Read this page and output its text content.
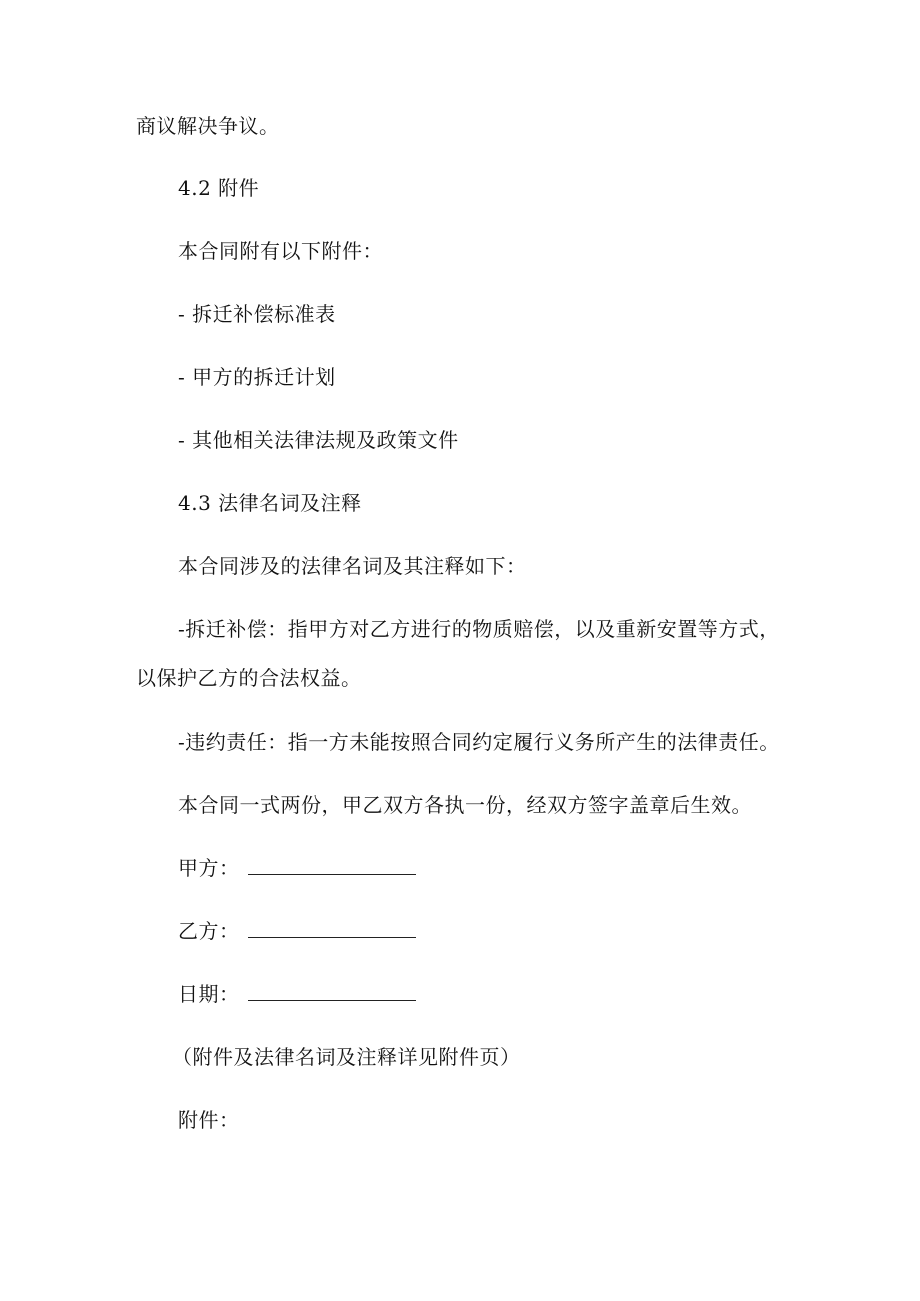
商议解决争议。
4.2 附件
本合同附有以下附件：
- 拆迁补偿标准表
- 甲方的拆迁计划
- 其他相关法律法规及政策文件
4.3 法律名词及注释
本合同涉及的法律名词及其注释如下：
-拆迁补偿：指甲方对乙方进行的物质赔偿，以及重新安置等方式，
以保护乙方的合法权益。
-违约责任：指一方未能按照合同约定履行义务所产生的法律责任。
本合同一式两份，甲乙双方各执一份，经双方签字盖章后生效。
甲方：
乙方：
日期：
（附件及法律名词及注释详见附件页）
附件：
